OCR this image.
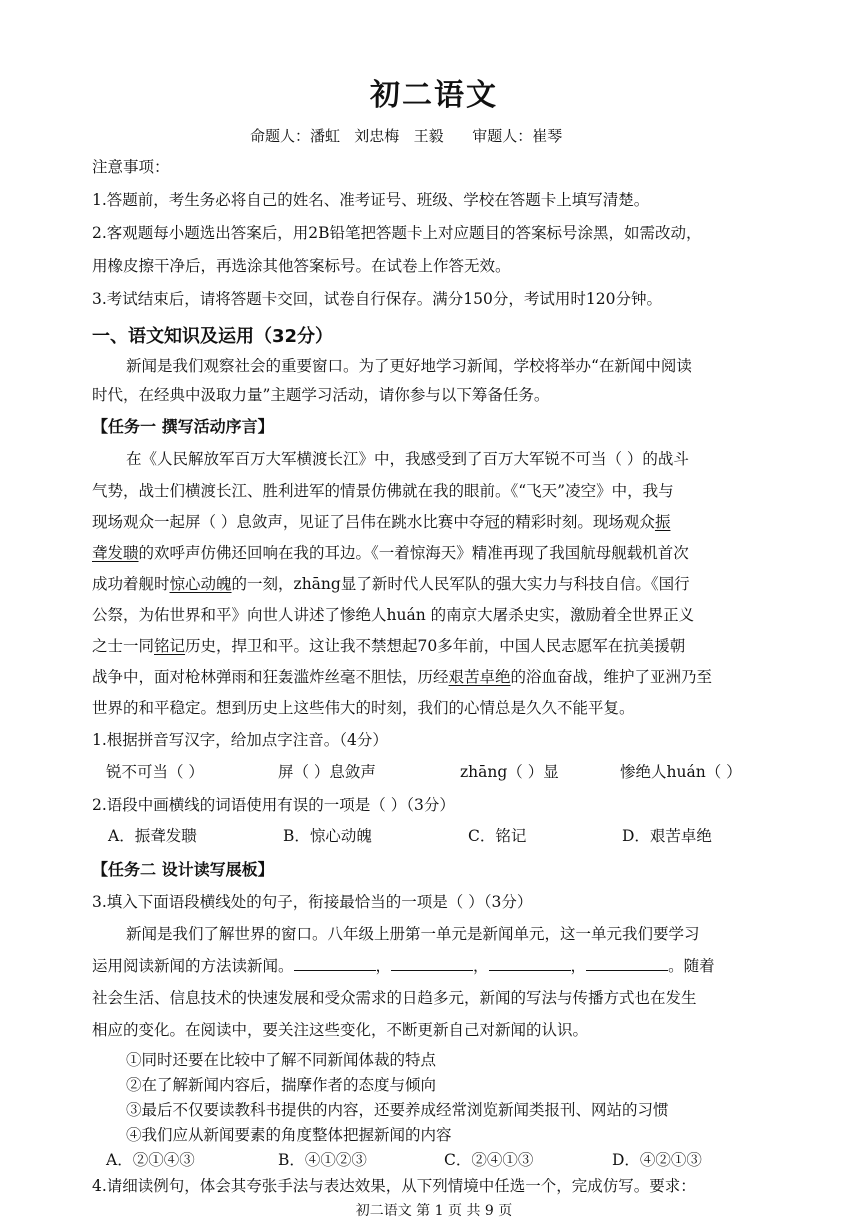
初二语文
命题人：潘虹   刘忠梅   王毅      审题人：崔琴
注意事项：
1.答题前，考生务必将自己的姓名、准考证号、班级、学校在答题卡上填写清楚。
2.客观题每小题选出答案后，用2B铅笔把答题卡上对应题目的答案标号涂黑，如需改动，
用橡皮擦干净后，再选涂其他答案标号。在试卷上作答无效。
3.考试结束后，请将答题卡交回，试卷自行保存。满分150分，考试用时120分钟。
一、语文知识及运用（32分）
新闻是我们观察社会的重要窗口。为了更好地学习新闻，学校将举办“在新闻中阅读
时代，在经典中汲取力量”主题学习活动，请你参与以下筹备任务。
【任务一 撰写活动序言】
在《人民解放军百万大军横渡长江》中，我感受到了百万大军锐不可当（ ）的战斗
气势，战士们横渡长江、胜利进军的情景仿佛就在我的眼前。《“飞天”凌空》中，我与
现场观众一起屏（ ）息敛声，见证了吕伟在跳水比赛中夺冠的精彩时刻。现场观众振
聋发聩的欢呼声仿佛还回响在我的耳边。《一着惊海天》精准再现了我国航母舰载机首次
成功着舰时惊心动魄的一刻，zhāng显了新时代人民军队的强大实力与科技自信。《国行
公祭，为佑世界和平》向世人讲述了惨绝人huán 的南京大屠杀史实，激励着全世界正义
之士一同铭记历史，捍卫和平。这让我不禁想起70多年前，中国人民志愿军在抗美援朝
战争中，面对枪林弹雨和狂轰滥炸丝毫不胆怯，历经艰苦卓绝的浴血奋战，维护了亚洲乃至
世界的和平稳定。想到历史上这些伟大的时刻，我们的心情总是久久不能平复。
1.根据拼音写汉字，给加点字注音。（4分）
锐不可当（ ）	屏（ ）息敛声	zhāng（ ）显	惨绝人huán（ ）
2.语段中画横线的词语使用有误的一项是（ ）（3分）
A．振聋发聩	B．惊心动魄	C．铭记	D．艰苦卓绝
【任务二 设计读写展板】
3.填入下面语段横线处的句子，衔接最恰当的一项是（ ）（3分）
新闻是我们了解世界的窗口。八年级上册第一单元是新闻单元，这一单元我们要学习
运用阅读新闻的方法读新闻。	，	，	，	。随着
社会生活、信息技术的快速发展和受众需求的日趋多元，新闻的写法与传播方式也在发生
相应的变化。在阅读中，要关注这些变化，不断更新自己对新闻的认识。
①同时还要在比较中了解不同新闻体裁的特点
②在了解新闻内容后，揣摩作者的态度与倾向
③最后不仅要读教科书提供的内容，还要养成经常浏览新闻类报刊、网站的习惯
初二语文 第 1 页 共 9 页
④我们应从新闻要素的角度整体把握新闻的内容
A．②①④③	B．④①②③	C．②④①③	D．④②①③
4.请细读例句，体会其夸张手法与表达效果，从下列情境中任选一个，完成仿写。要求：
